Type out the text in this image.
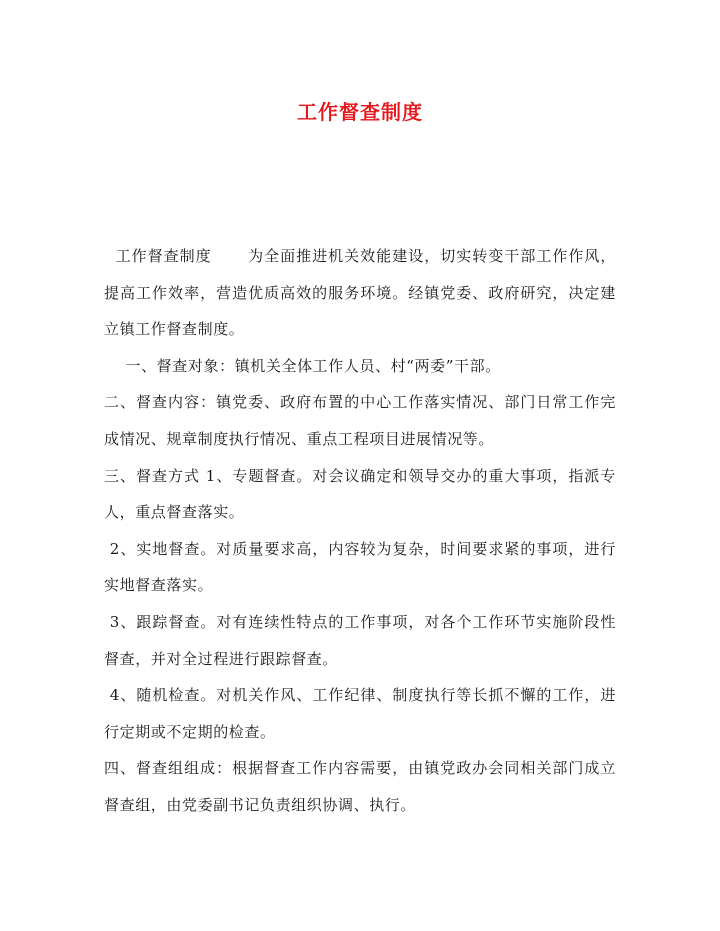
工作督查制度

工作督查制度 为全面推进机关效能建设，切实转变干部工作作风，提高工作效率，营造优质高效的服务环境。经镇党委、政府研究，决定建立镇工作督查制度。

一、督查对象：镇机关全体工作人员、村“两委”干部。

二、督查内容：镇党委、政府布置的中心工作落实情况、部门日常工作完成情况、规章制度执行情况、重点工程项目进展情况等。

三、督查方式 1、专题督查。对会议确定和领导交办的重大事项，指派专人，重点督查落实。

2、实地督查。对质量要求高，内容较为复杂，时间要求紧的事项，进行实地督查落实。

3、跟踪督查。对有连续性特点的工作事项，对各个工作环节实施阶段性督查，并对全过程进行跟踪督查。

4、随机检查。对机关作风、工作纪律、制度执行等长抓不懈的工作，进行定期或不定期的检查。

四、督查组组成：根据督查工作内容需要，由镇党政办会同相关部门成立督查组，由党委副书记负责组织协调、执行。
